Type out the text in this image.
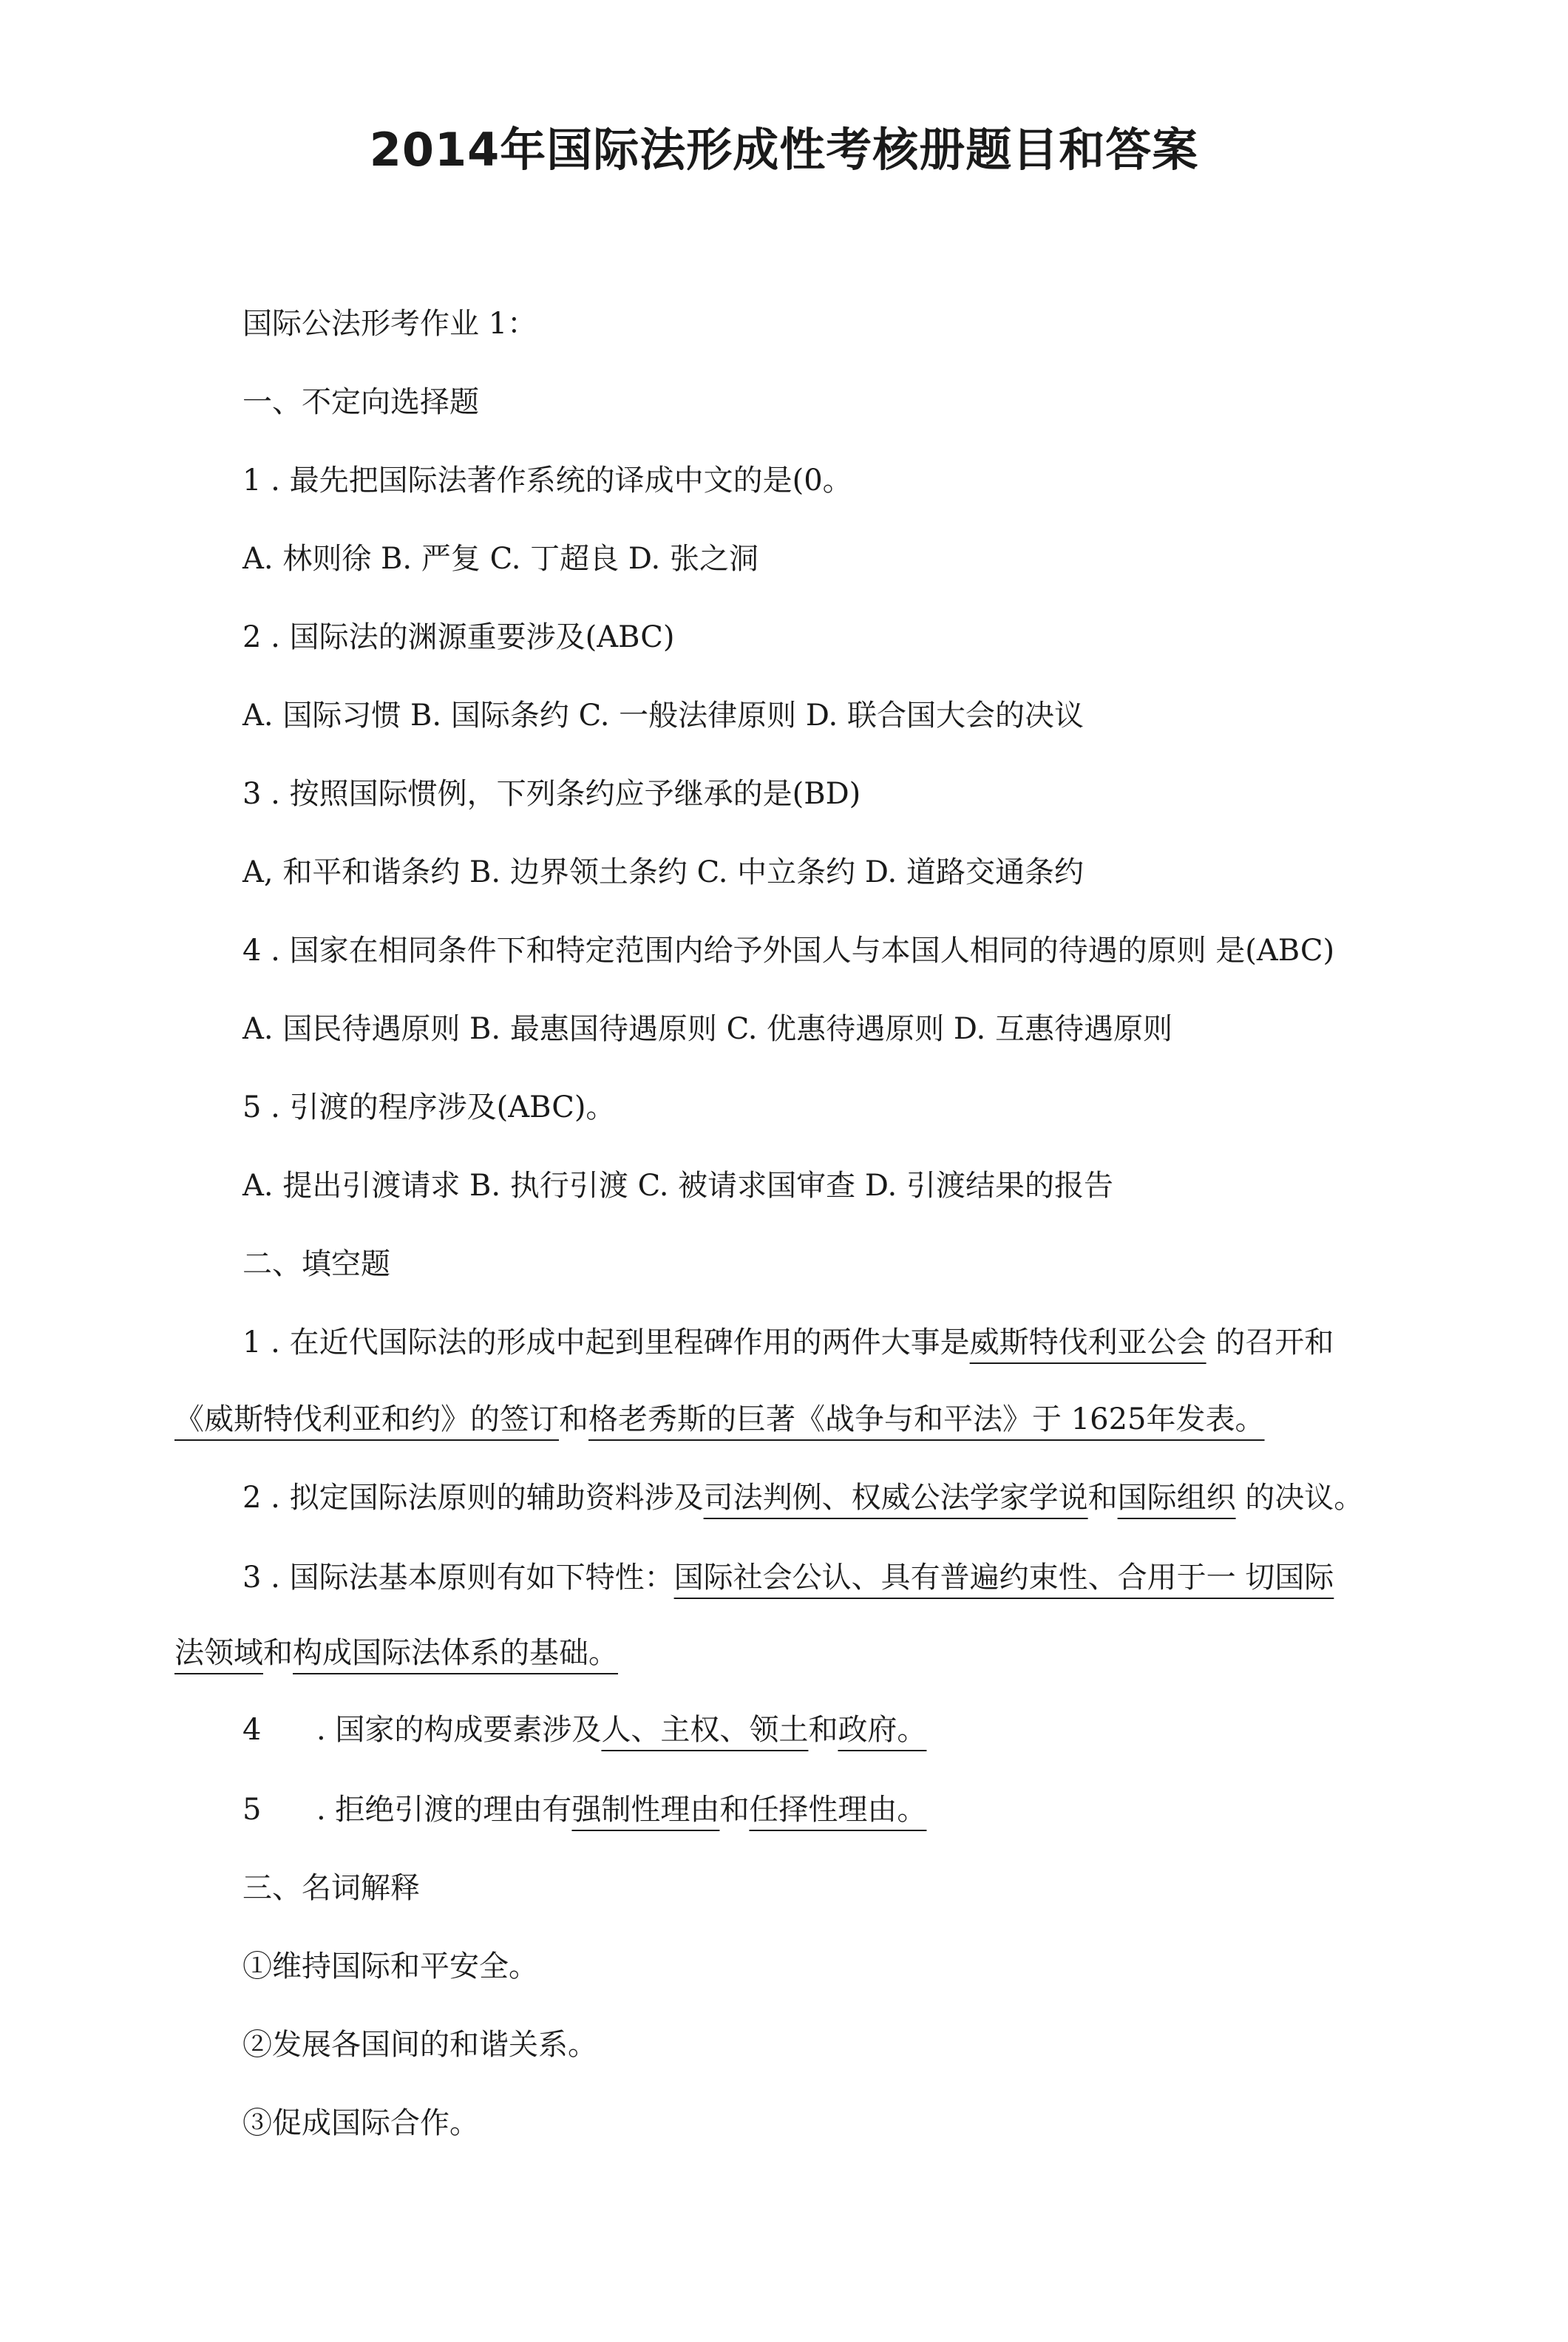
2014年国际法形成性考核册题目和答案
国际公法形考作业 1：
一、不定向选择题
1 . 最先把国际法著作系统的译成中文的是(0。
A. 林则徐 B. 严复 C. 丁超良 D. 张之洞
2 . 国际法的渊源重要涉及(ABC)
A. 国际习惯 B. 国际条约 C. 一般法律原则 D. 联合国大会的决议
3 . 按照国际惯例，下列条约应予继承的是(BD)
A, 和平和谐条约 B. 边界领土条约 C. 中立条约 D. 道路交通条约
4 . 国家在相同条件下和特定范围内给予外国人与本国人相同的待遇的原则 是(ABC)
A. 国民待遇原则 B. 最惠国待遇原则 C. 优惠待遇原则 D. 互惠待遇原则
5 . 引渡的程序涉及(ABC)。
A. 提出引渡请求 B. 执行引渡 C. 被请求国审查 D. 引渡结果的报告
二、填空题
1 . 在近代国际法的形成中起到里程碑作用的两件大事是威斯特伐利亚公会 的召开和
《威斯特伐利亚和约》的签订和格老秀斯的巨著《战争与和平法》于 1625年发表。
2 . 拟定国际法原则的辅助资料涉及司法判例、权威公法学家学说和国际组织 的决议。
3 . 国际法基本原则有如下特性：国际社会公认、具有普遍约束性、合用于一 切国际
法领域和构成国际法体系的基础。
4 . 国家的构成要素涉及人、主权、领土和政府。
5 . 拒绝引渡的理由有强制性理由和任择性理由。
三、名词解释
①维持国际和平安全。
②发展各国间的和谐关系。
③促成国际合作。
